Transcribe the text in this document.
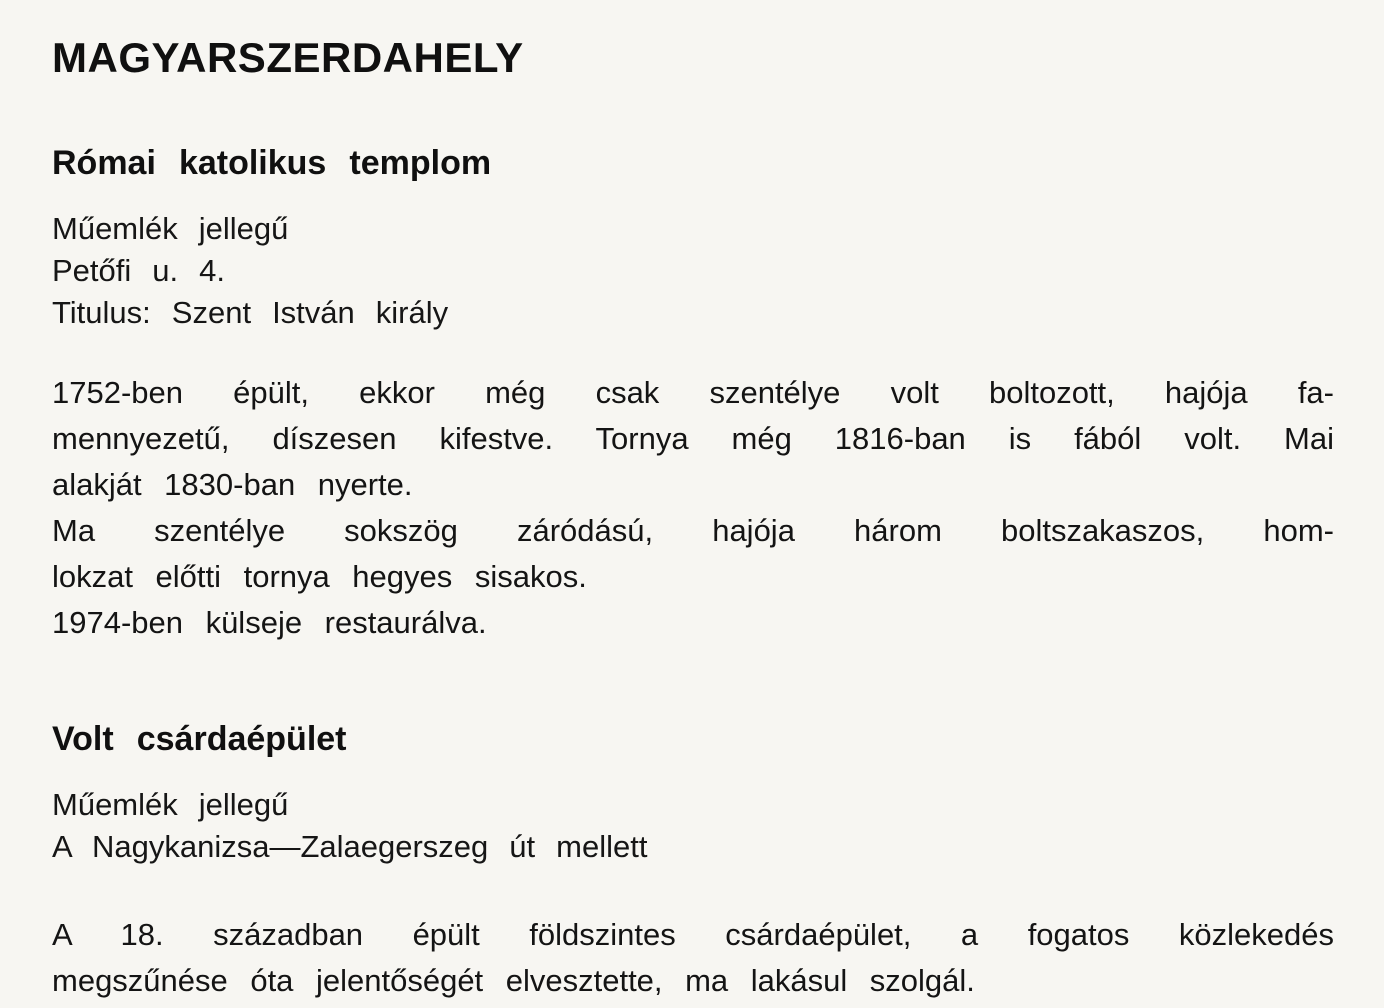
MAGYARSZERDAHELY
Római katolikus templom
Műemlék jellegű
Petőfi u. 4.
Titulus: Szent István király
1752-ben épült, ekkor még csak szentélye volt boltozott, hajója fa-
mennyezetű, díszesen kifestve. Tornya még 1816-ban is fából volt. Mai
alakját 1830-ban nyerte.
Ma szentélye sokszög záródású, hajója három boltszakaszos, hom-
lokzat előtti tornya hegyes sisakos.
1974-ben külseje restaurálva.
Volt csárdaépület
Műemlék jellegű
A Nagykanizsa—Zalaegerszeg út mellett
A 18. században épült földszintes csárdaépület, a fogatos közlekedés
megszűnése óta jelentőségét elvesztette, ma lakásul szolgál.
